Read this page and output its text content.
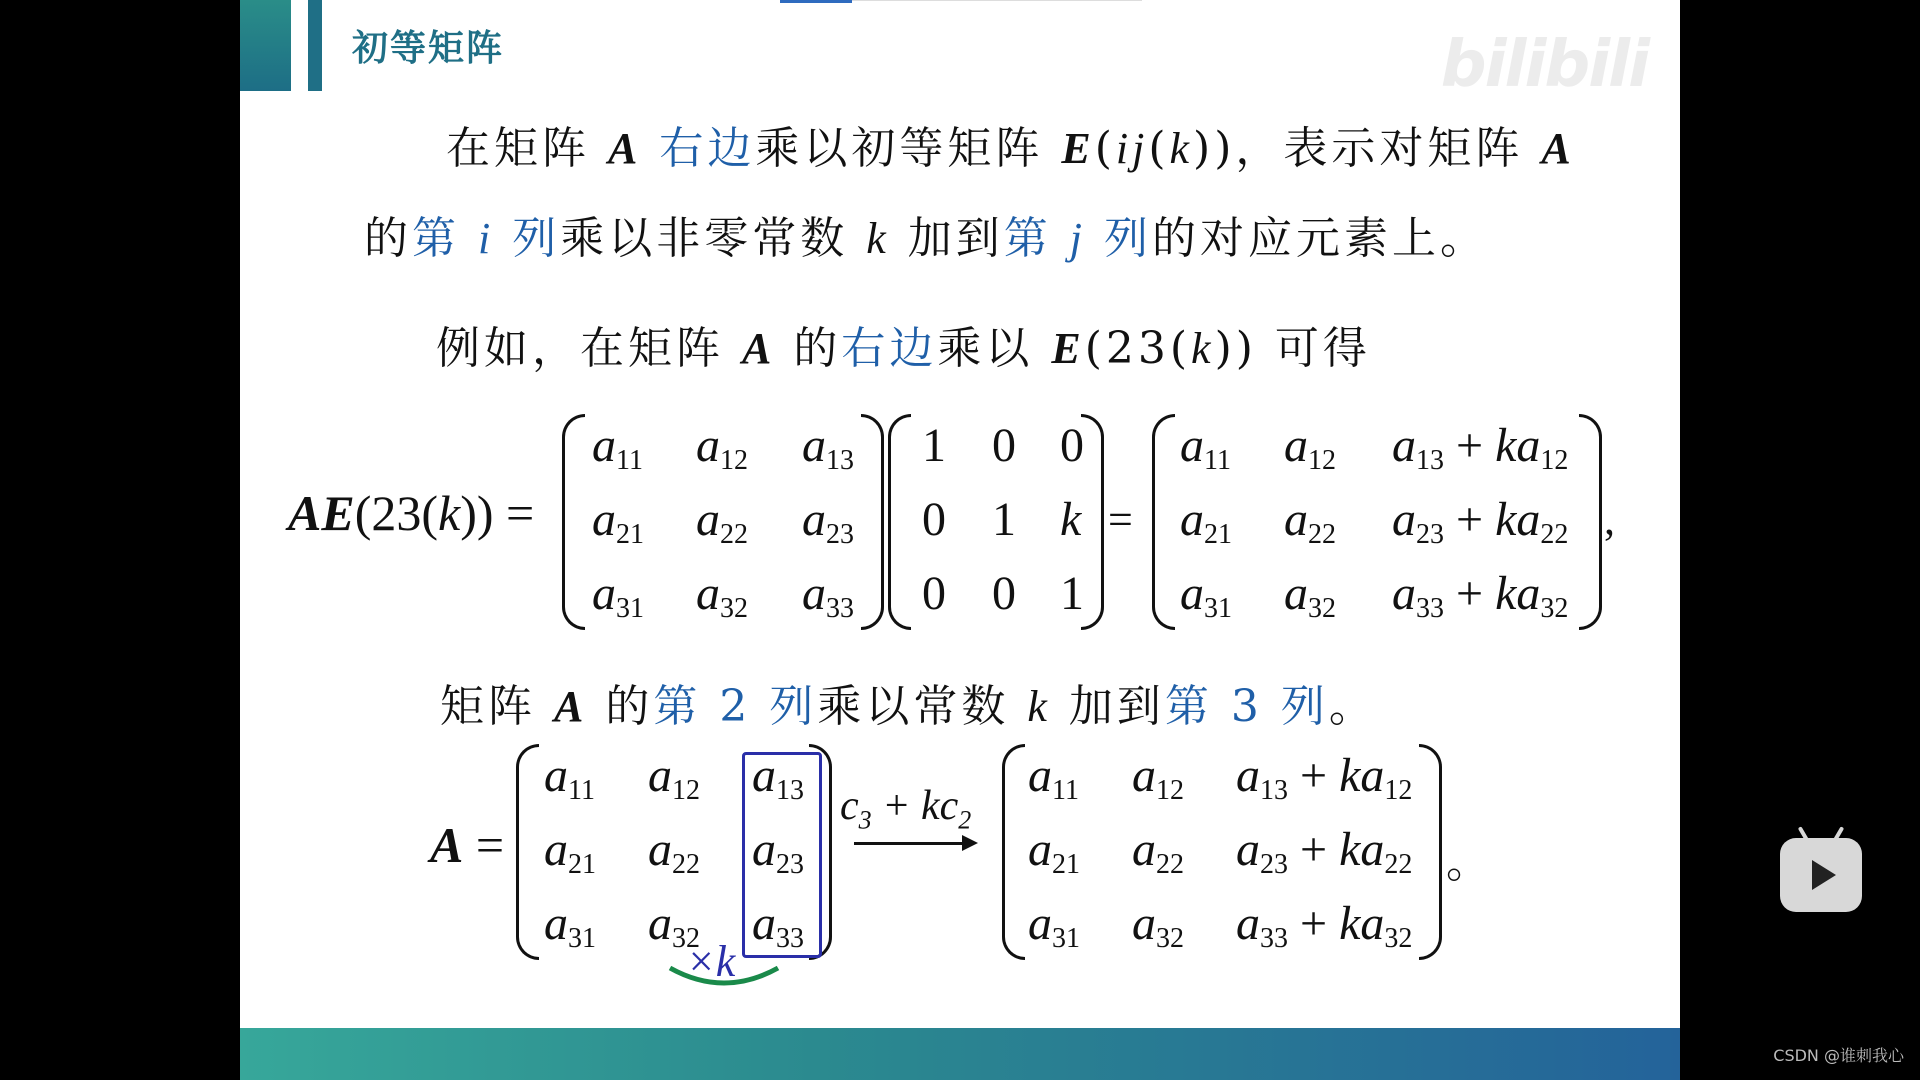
初等矩阵	bilibili
在矩阵 A 右边乘以初等矩阵 E(ij(k))，表示对矩阵 A
的第 i 列乘以非零常数 k 加到第 j 列的对应元素上。
例如，在矩阵 A 的右边乘以 E(23(k)) 可得
AE(23(k)) =
$a_{11}$ $a_{12}$ $a_{13}$
$a_{21}$ $a_{22}$ $a_{23}$
$a_{31}$ $a_{32}$ $a_{33}$
1 0 0
0 1 k
0 0 1
=
$a_{11}$ $a_{12}$ $a_{13} + ka_{12}$
$a_{21}$ $a_{22}$ $a_{23} + ka_{22}$
$a_{31}$ $a_{32}$ $a_{33} + ka_{32}$
,
矩阵 A 的第 2 列乘以常数 k 加到第 3 列。
A =
$a_{11}$ $a_{12}$ $a_{13}$
$a_{21}$ $a_{22}$ $a_{23}$
$a_{31}$ $a_{32}$ $a_{33}$
×k
$c_3 + kc_2$
$a_{11}$ $a_{12}$ $a_{13} + ka_{12}$
$a_{21}$ $a_{22}$ $a_{23} + ka_{22}$
$a_{31}$ $a_{32}$ $a_{33} + ka_{32}$
。
CSDN @谁刺我心
